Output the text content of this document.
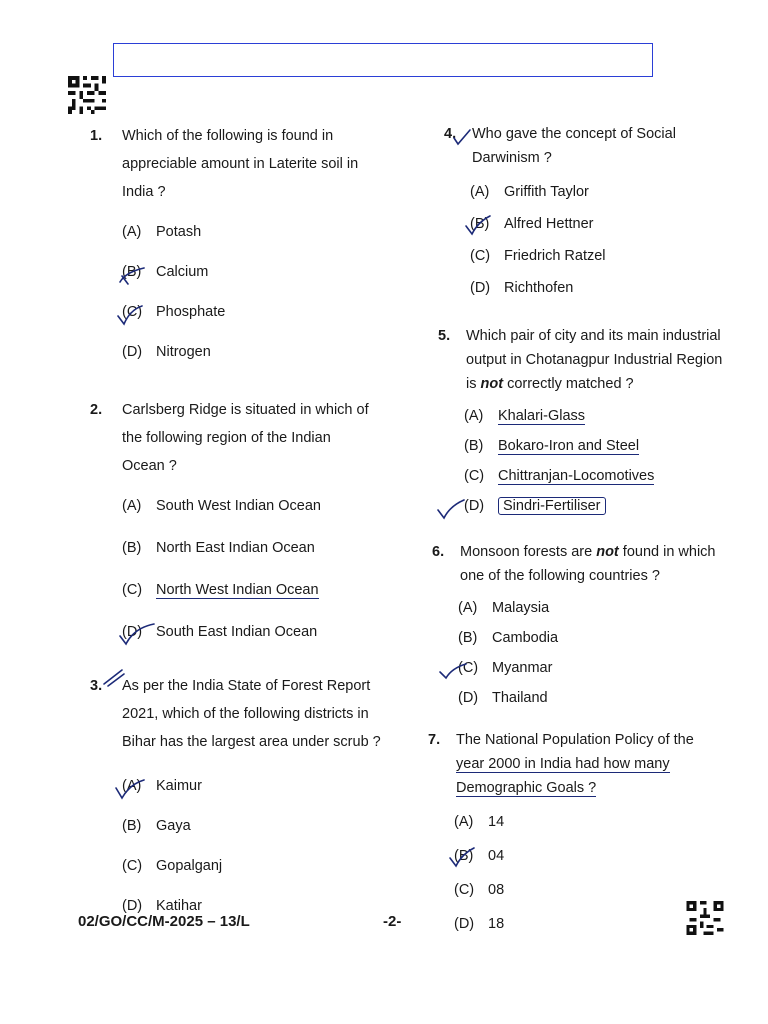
1.	Which of the following is found in
appreciable amount in Laterite soil in
India ?
(A) Potash
(B) Calcium
(C) Phosphate
(D) Nitrogen
2.	Carlsberg Ridge is situated in which of
the following region of the Indian
Ocean ?
(A) South West Indian Ocean
(B) North East Indian Ocean
(C) North West Indian Ocean
(D) South East Indian Ocean
3.	As per the India State of Forest Report
2021, which of the following districts in
Bihar has the largest area under scrub ?
(A) Kaimur
(B) Gaya
(C) Gopalganj
(D) Katihar
4.	Who gave the concept of Social
Darwinism ?
(A) Griffith Taylor
(B) Alfred Hettner
(C) Friedrich Ratzel
(D) Richthofen
5.	Which pair of city and its main industrial
output in Chotanagpur Industrial Region
is not correctly matched ?
(A) Khalari-Glass
(B) Bokaro-Iron and Steel
(C) Chittranjan-Locomotives
(D) Sindri-Fertiliser
6.	Monsoon forests are not found in which
one of the following countries ?
(A) Malaysia
(B) Cambodia
(C) Myanmar
(D) Thailand
7.	The National Population Policy of the
year 2000 in India had how many
Demographic Goals ?
(A) 14
(B) 04
(C) 08
(D) 18
02/GO/CC/M-2025 – 13/L	-2-
